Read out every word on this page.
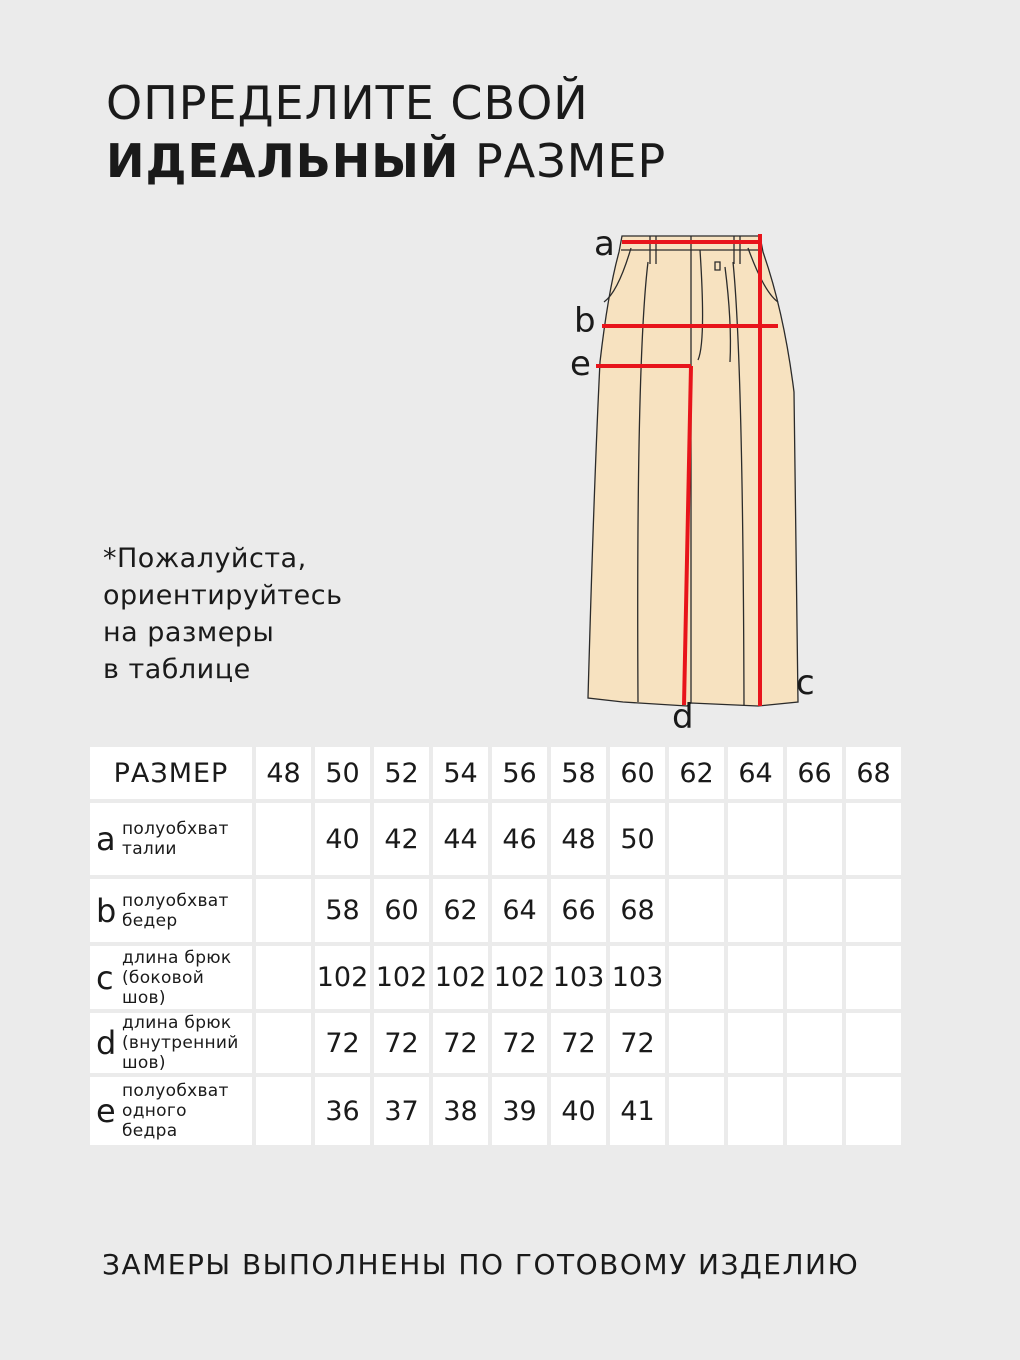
ОПРЕДЕЛИТЕ СВОЙ
ИДЕАЛЬНЫЙ РАЗМЕР
*Пожалуйста,
ориентируйтесь
на размеры
в таблице
a
b
e
c
d
РАЗМЕР	48	50	52	54	56	58	60	62	64	66	68

a полуобхват
талии		40	42	44	46	48	50				

b полуобхват
бедер		58	60	62	64	66	68				

c
длина брюк
(боковой
шов)		102	102	102	102	103	103				

d
длина брюк
(внутренний
шов)		72	72	72	72	72	72				

e
полуобхват
одного
бедра		36	37	38	39	40	41				
ЗАМЕРЫ ВЫПОЛНЕНЫ ПО ГОТОВОМУ ИЗДЕЛИЮ
